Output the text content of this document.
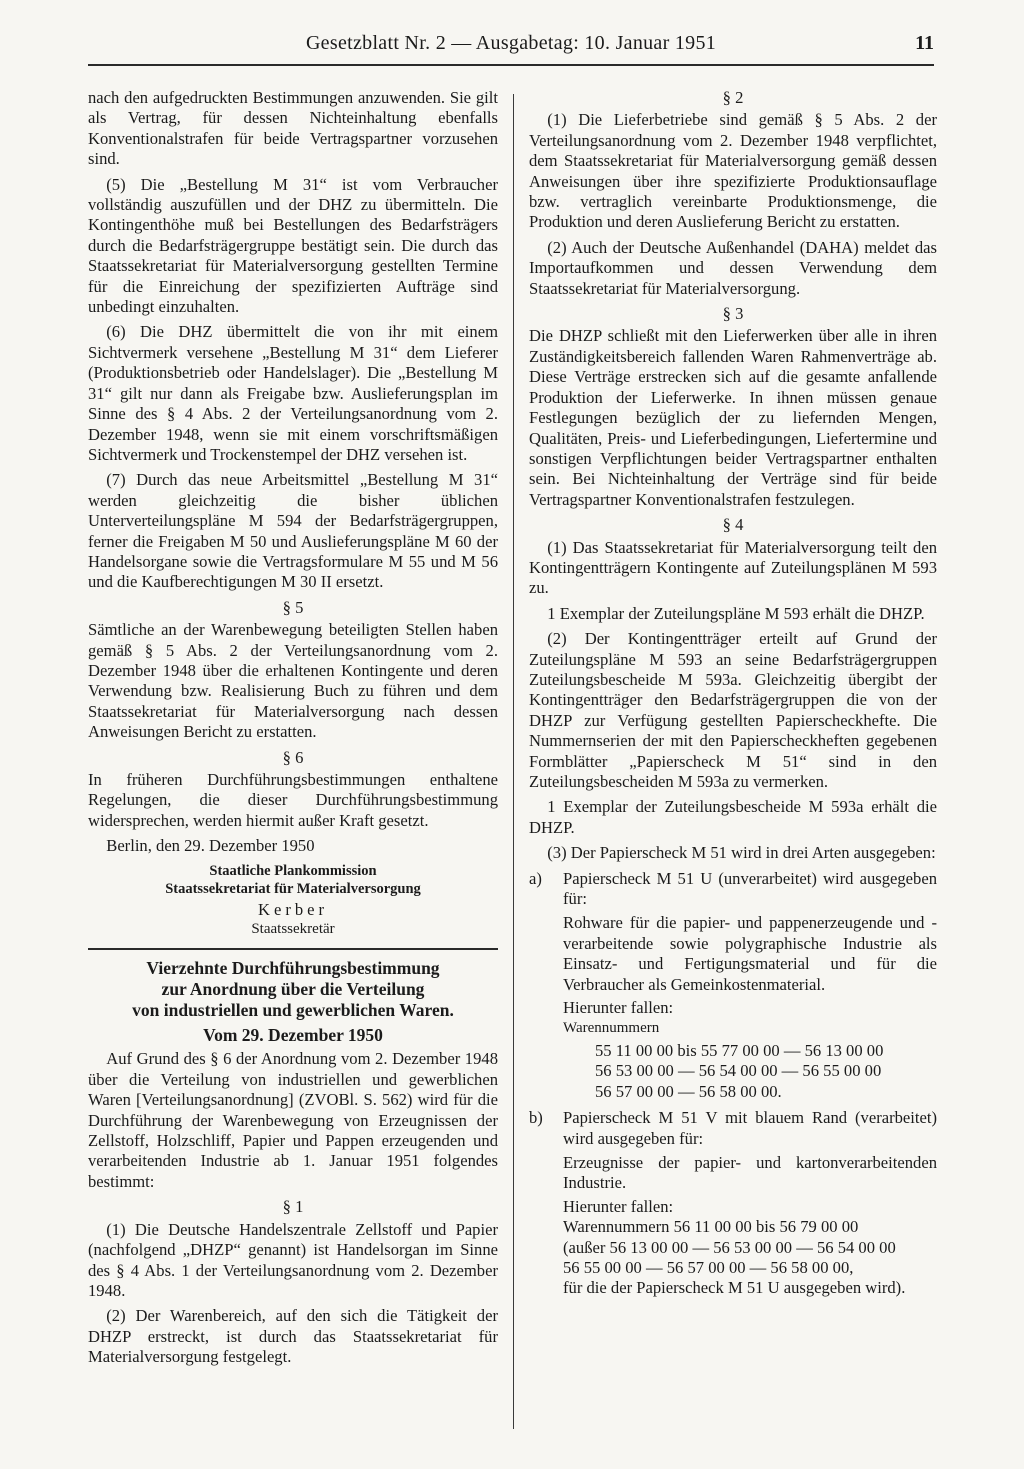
Gesetzblatt Nr. 2 — Ausgabetag: 10. Januar 1951	11

nach den aufgedruckten Bestimmungen anzuwenden. Sie gilt als Vertrag, für dessen Nichteinhaltung ebenfalls Konventionalstrafen für beide Vertragspartner vorzusehen sind.

(5) Die „Bestellung M 31“ ist vom Verbraucher vollständig auszufüllen und der DHZ zu übermitteln. Die Kontingenthöhe muß bei Bestellungen des Bedarfsträgers durch die Bedarfsträgergruppe bestätigt sein. Die durch das Staatssekretariat für Materialversorgung gestellten Termine für die Einreichung der spezifizierten Aufträge sind unbedingt einzuhalten.

(6) Die DHZ übermittelt die von ihr mit einem Sichtvermerk versehene „Bestellung M 31“ dem Lieferer (Produktionsbetrieb oder Handelslager). Die „Bestellung M 31“ gilt nur dann als Freigabe bzw. Auslieferungsplan im Sinne des § 4 Abs. 2 der Verteilungsanordnung vom 2. Dezember 1948, wenn sie mit einem vorschriftsmäßigen Sichtvermerk und Trockenstempel der DHZ versehen ist.

(7) Durch das neue Arbeitsmittel „Bestellung M 31“ werden gleichzeitig die bisher üblichen Unterverteilungspläne M 594 der Bedarfsträgergruppen, ferner die Freigaben M 50 und Auslieferungspläne M 60 der Handelsorgane sowie die Vertragsformulare M 55 und M 56 und die Kaufberechtigungen M 30 II ersetzt.

§ 5

Sämtliche an der Warenbewegung beteiligten Stellen haben gemäß § 5 Abs. 2 der Verteilungsanordnung vom 2. Dezember 1948 über die erhaltenen Kontingente und deren Verwendung bzw. Realisierung Buch zu führen und dem Staatssekretariat für Materialversorgung nach dessen Anweisungen Bericht zu erstatten.

§ 6

In früheren Durchführungsbestimmungen enthaltene Regelungen, die dieser Durchführungsbestimmung widersprechen, werden hiermit außer Kraft gesetzt.

Berlin, den 29. Dezember 1950

Staatliche Plankommission
Staatssekretariat für Materialversorgung
Kerber
Staatssekretär
Vierzehnte Durchführungsbestimmung
zur Anordnung über die Verteilung
von industriellen und gewerblichen Waren.
Vom 29. Dezember 1950

Auf Grund des § 6 der Anordnung vom 2. Dezember 1948 über die Verteilung von industriellen und gewerblichen Waren [Verteilungsanordnung] (ZVOBl. S. 562) wird für die Durchführung der Warenbewegung von Erzeugnissen der Zellstoff, Holzschliff, Papier und Pappen erzeugenden und verarbeitenden Industrie ab 1. Januar 1951 folgendes bestimmt:

§ 1

(1) Die Deutsche Handelszentrale Zellstoff und Papier (nachfolgend „DHZP“ genannt) ist Handelsorgan im Sinne des § 4 Abs. 1 der Verteilungsanordnung vom 2. Dezember 1948.

(2) Der Warenbereich, auf den sich die Tätigkeit der DHZP erstreckt, ist durch das Staatssekretariat für Materialversorgung festgelegt.

§ 2

(1) Die Lieferbetriebe sind gemäß § 5 Abs. 2 der Verteilungsanordnung vom 2. Dezember 1948 verpflichtet, dem Staatssekretariat für Materialversorgung gemäß dessen Anweisungen über ihre spezifizierte Produktionsauflage bzw. vertraglich vereinbarte Produktionsmenge, die Produktion und deren Auslieferung Bericht zu erstatten.

(2) Auch der Deutsche Außenhandel (DAHA) meldet das Importaufkommen und dessen Verwendung dem Staatssekretariat für Materialversorgung.

§ 3

Die DHZP schließt mit den Lieferwerken über alle in ihren Zuständigkeitsbereich fallenden Waren Rahmenverträge ab. Diese Verträge erstrecken sich auf die gesamte anfallende Produktion der Lieferwerke. In ihnen müssen genaue Festlegungen bezüglich der zu liefernden Mengen, Qualitäten, Preis- und Lieferbedingungen, Liefertermine und sonstigen Verpflichtungen beider Vertragspartner enthalten sein. Bei Nichteinhaltung der Verträge sind für beide Vertragspartner Konventionalstrafen festzulegen.

§ 4

(1) Das Staatssekretariat für Materialversorgung teilt den Kontingentträgern Kontingente auf Zuteilungsplänen M 593 zu.

1 Exemplar der Zuteilungspläne M 593 erhält die DHZP.

(2) Der Kontingentträger erteilt auf Grund der Zuteilungspläne M 593 an seine Bedarfsträgergruppen Zuteilungsbescheide M 593a. Gleichzeitig übergibt der Kontingentträger den Bedarfsträgergruppen die von der DHZP zur Verfügung gestellten Papierscheckhefte. Die Nummernserien der mit den Papierscheckheften gegebenen Formblätter „Papierscheck M 51“ sind in den Zuteilungsbescheiden M 593a zu vermerken.

1 Exemplar der Zuteilungsbescheide M 593a erhält die DHZP.

(3) Der Papierscheck M 51 wird in drei Arten ausgegeben:

a) Papierscheck M 51 U (unverarbeitet) wird ausgegeben für:

Rohware für die papier- und pappenerzeugende und -verarbeitende sowie polygraphische Industrie als Einsatz- und Fertigungsmaterial und für die Verbraucher als Gemeinkostenmaterial.

Hierunter fallen:
Warennummern
55 11 00 00 bis 55 77 00 00 — 56 13 00 00
56 53 00 00 — 56 54 00 00 — 56 55 00 00
56 57 00 00 — 56 58 00 00.
b) Papierscheck M 51 V mit blauem Rand (verarbeitet) wird ausgegeben für:

Erzeugnisse der papier- und kartonverarbeitenden Industrie.

Hierunter fallen:
Warennummern 56 11 00 00 bis 56 79 00 00
(außer 56 13 00 00 — 56 53 00 00 — 56 54 00 00
56 55 00 00 — 56 57 00 00 — 56 58 00 00,
für die der Papierscheck M 51 U ausgegeben wird).
